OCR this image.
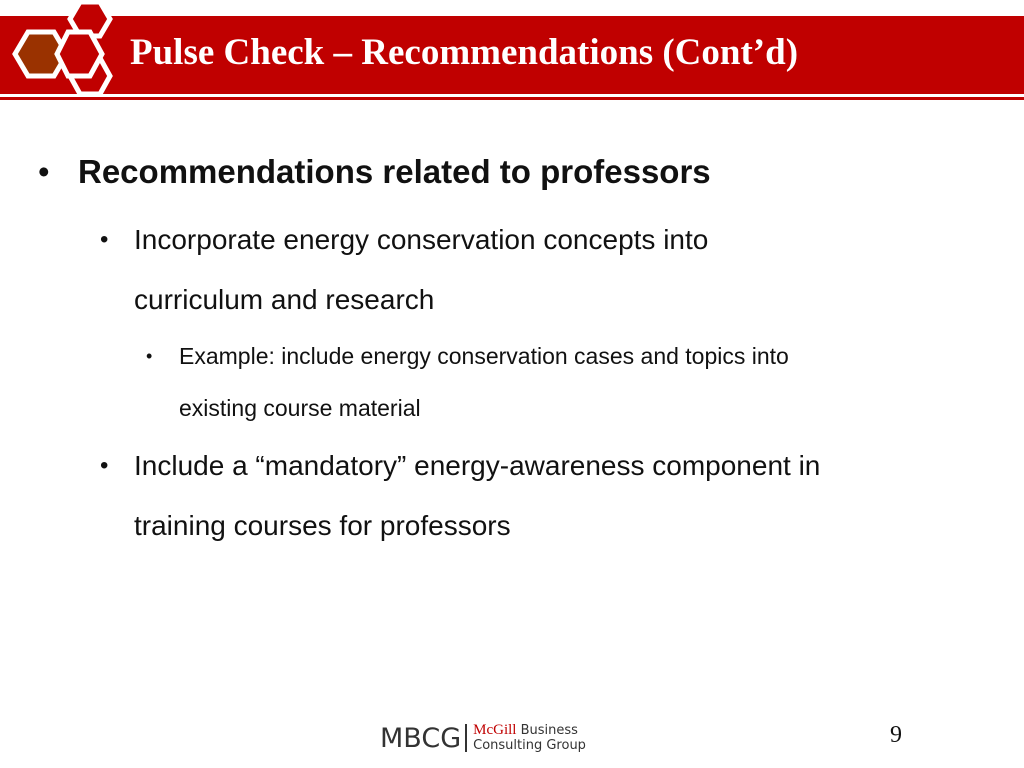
Pulse Check – Recommendations (Cont’d)
• Recommendations related to professors
• Incorporate energy conservation concepts into
curriculum and research
• Example: include energy conservation cases and topics into
existing course material
• Include a “mandatory” energy-awareness component in
training courses for professors
MBCG McGill Business
Consulting Group	9
